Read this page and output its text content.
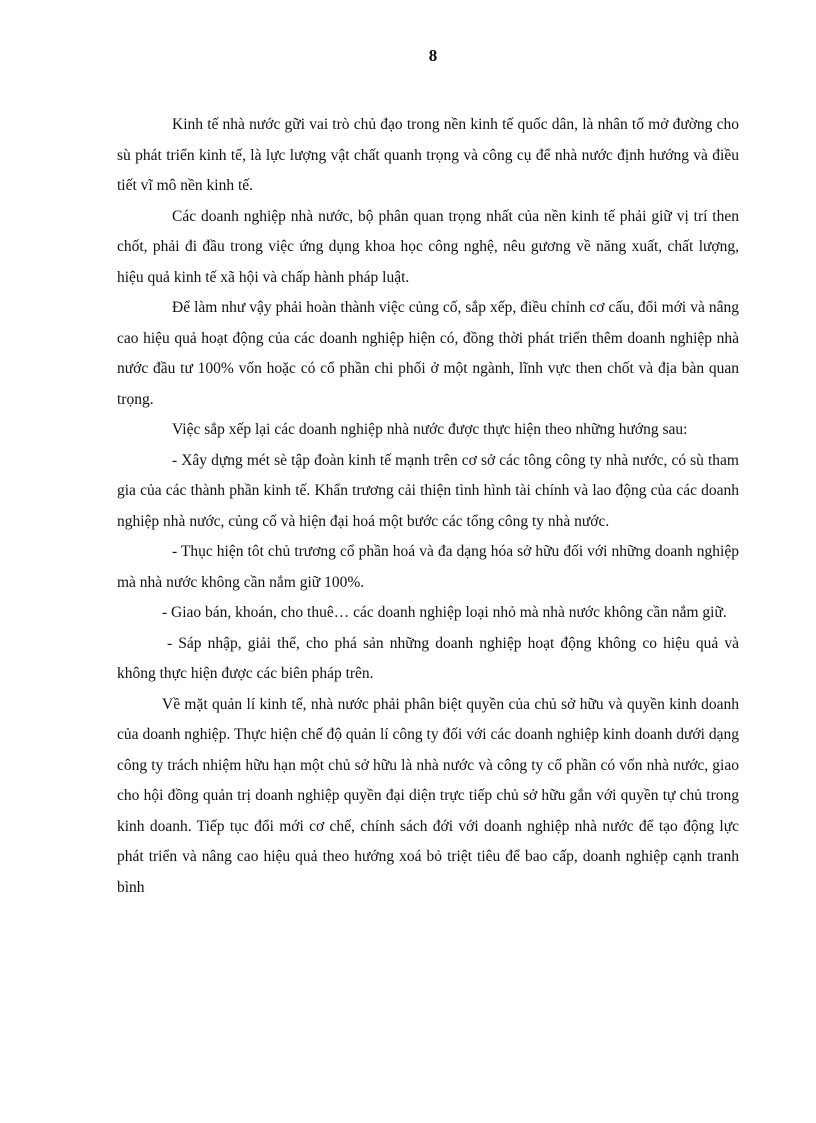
8

Kinh tế nhà nước gữi vai trò chủ đạo trong nền kinh tế quốc dân, là nhân tố mở đường cho sù phát triển kinh tế, là lực lượng vật chất quanh trọng và công cụ để nhà nước định hướng và điều tiết vĩ mô nền kinh tế.

Các doanh nghiệp nhà nước, bộ phân quan trọng nhất của nền kinh tế phải giữ vị trí then chốt, phải đi đầu trong việc ứng dụng khoa học công nghệ, nêu gương về năng xuất, chất lượng, hiệu quả kinh tế xã hội và chấp hành pháp luật.

Để làm như vậy phải hoàn thành việc củng cố, sắp xếp, điều chỉnh cơ cấu, đổi mới và nâng cao hiệu quả hoạt động của các doanh nghiệp hiện có, đồng thời phát triển thêm doanh nghiệp nhà nước đầu tư 100% vốn hoặc có cổ phần chi phối ở một ngành, lĩnh vực then chốt và địa bàn quan trọng.

Việc sắp xếp lại các doanh nghiệp nhà nước được thực hiện theo những hướng sau:

- Xây dựng mét sè tập đoàn kinh tế mạnh trên cơ sở các tông công ty nhà nước, có sù tham gia của các thành phần kinh tế. Khẩn trương cải thiện tình hình tài chính và lao động của các doanh nghiệp nhà nước, củng cố và hiện đại hoá một bước các tổng công ty nhà nước.

- Thục hiện tôt chủ trương cổ phần hoá và đa dạng hóa sở hữu đối với những doanh nghiệp mà nhà nước không cần nắm giữ 100%.

- Giao bán, khoán, cho thuê… các doanh nghiệp loại nhỏ mà nhà nước không cần nắm giữ.

- Sáp nhập, giải thể, cho phá sản những doanh nghiệp hoạt động không co hiệu quả và không thực hiện được các biên pháp trên.

Về mặt quản lí kinh tế, nhà nước phải phân biệt quyền của chủ sở hữu và quyền kinh doanh của doanh nghiệp. Thực hiện chế độ quản lí công ty đối với các doanh nghiệp kinh doanh dưới dạng công ty trách nhiệm hữu hạn một chủ sở hữu là nhà nước và công ty cổ phần có vốn nhà nước, giao cho hội đồng quản trị doanh nghiệp quyền đại diện trực tiếp chủ sở hữu gắn với quyền tự chủ trong kinh doanh. Tiếp tục đổi mới cơ chế, chính sách đới với doanh nghiệp nhà nước để tạo động lực phát triển và nâng cao hiệu quả theo hướng xoá bỏ triệt tiêu để bao cấp, doanh nghiệp cạnh tranh bình
